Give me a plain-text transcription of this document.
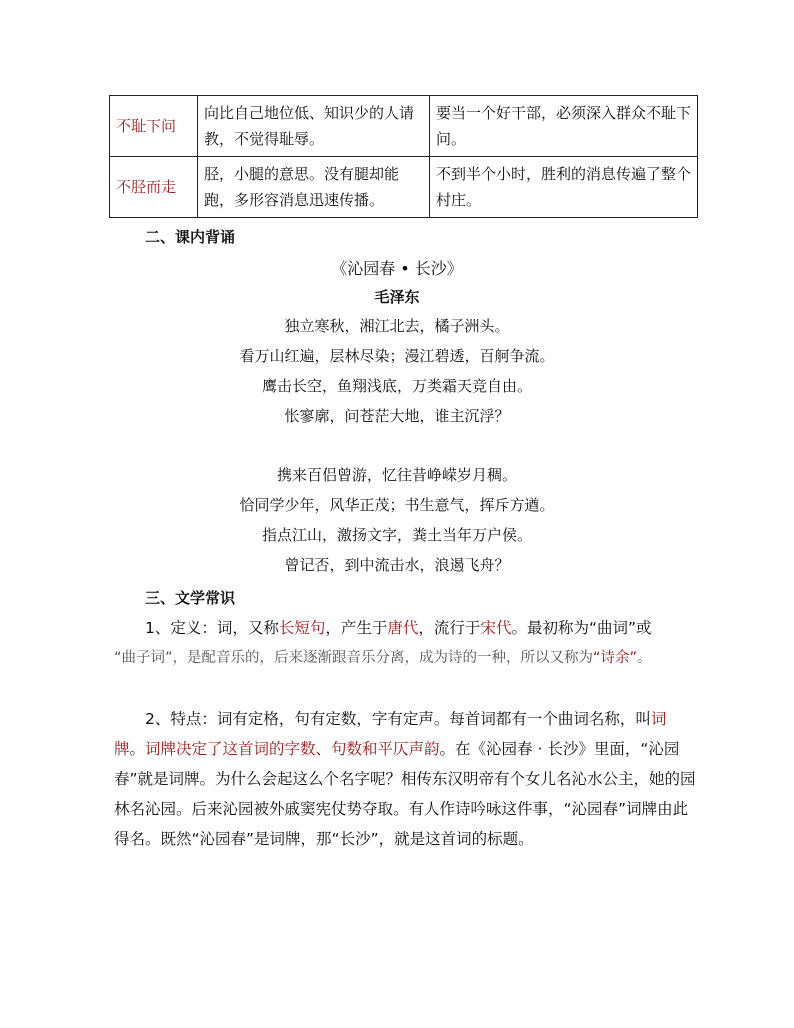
不耻下问	向比自己地位低、知识少的人请教，不觉得耻辱。	要当一个好干部，必须深入群众不耻下问。
不胫而走	胫，小腿的意思。没有腿却能跑，多形容消息迅速传播。	不到半个小时，胜利的消息传遍了整个村庄。
二、课内背诵
《沁园春 • 长沙》
毛泽东
独立寒秋，湘江北去，橘子洲头。
看万山红遍，层林尽染；漫江碧透，百舸争流。
鹰击长空，鱼翔浅底，万类霜天竞自由。
怅寥廓，问苍茫大地，谁主沉浮？
携来百侣曾游，忆往昔峥嵘岁月稠。
恰同学少年，风华正茂；书生意气，挥斥方遒。
指点江山，激扬文字，粪土当年万户侯。
曾记否，到中流击水，浪遏飞舟？
三、文学常识
1、定义：词，又称长短句，产生于唐代，流行于宋代。最初称为“曲词”或
“曲子词”，是配音乐的，后来逐渐跟音乐分离，成为诗的一种，所以又称为“诗余”。
2、特点：词有定格，句有定数，字有定声。每首词都有一个曲词名称，叫词牌。词牌决定了这首词的字数、句数和平仄声韵。在《沁园春 · 长沙》里面，“沁园春”就是词牌。为什么会起这么个名字呢？相传东汉明帝有个女儿名沁水公主，她的园林名沁园。后来沁园被外戚窦宪仗势夺取。有人作诗吟咏这件事，“沁园春”词牌由此得名。既然“沁园春”是词牌，那“长沙”，就是这首词的标题。
